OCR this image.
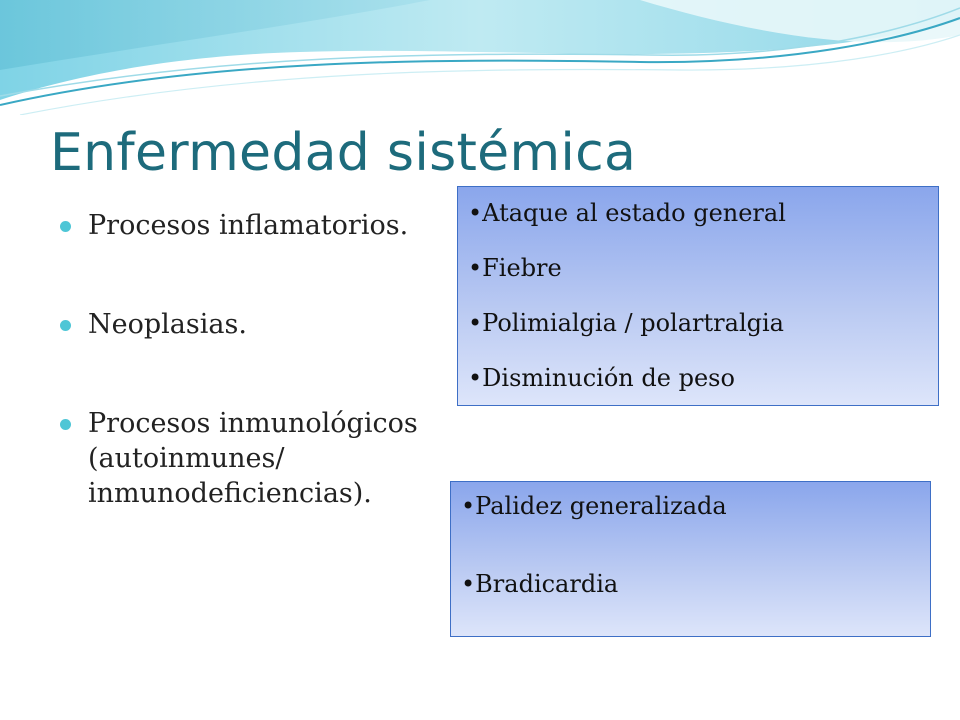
Enfermedad sistémica
Procesos inflamatorios.
Neoplasias.
Procesos inmunológicos (autoinmunes/ inmunodeficiencias).
•Ataque al estado general
•Fiebre
•Polimialgia / polartralgia
•Disminución de peso
•Palidez generalizada
•Bradicardia
